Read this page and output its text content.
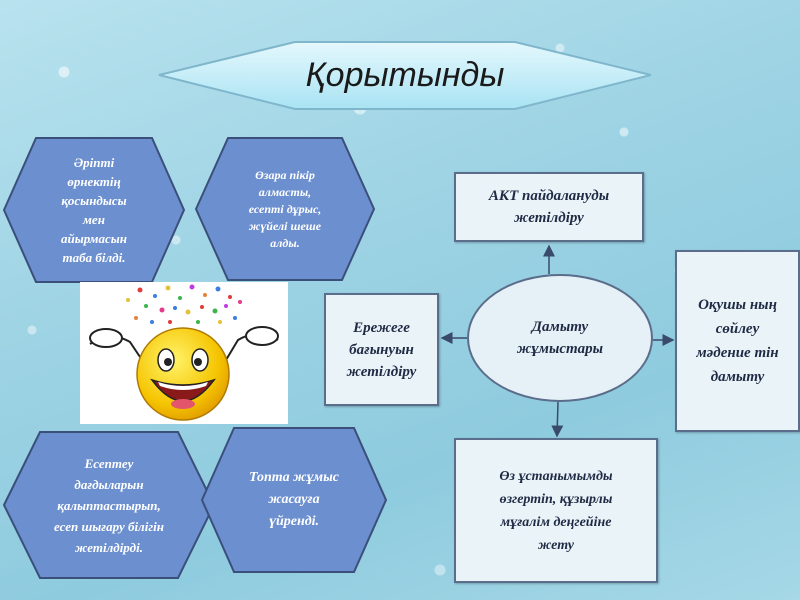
Қорытынды
Әріпті
өрнектің
қосындысы
мен
айырмасын
таба білді.
Өзара пікір
алмасты,
есепті дұрыс,
жүйелі шеше
алды.
Есептеу
дағдыларын
қалыптастырып,
есеп шығару білігін
жетілдірді.
Топта жұмыс
жасауға
үйренді.
АКТ пайдалануды
жетілдіру
Ережеге
бағынуын
жетілдіру
Дамыту
жұмыстары
Оқушы ның
сөйлеу
мәдение тін
дамыту
Өз ұстанымымды
өзгертіп, құзырлы
мұғалім деңгейіне
жету
